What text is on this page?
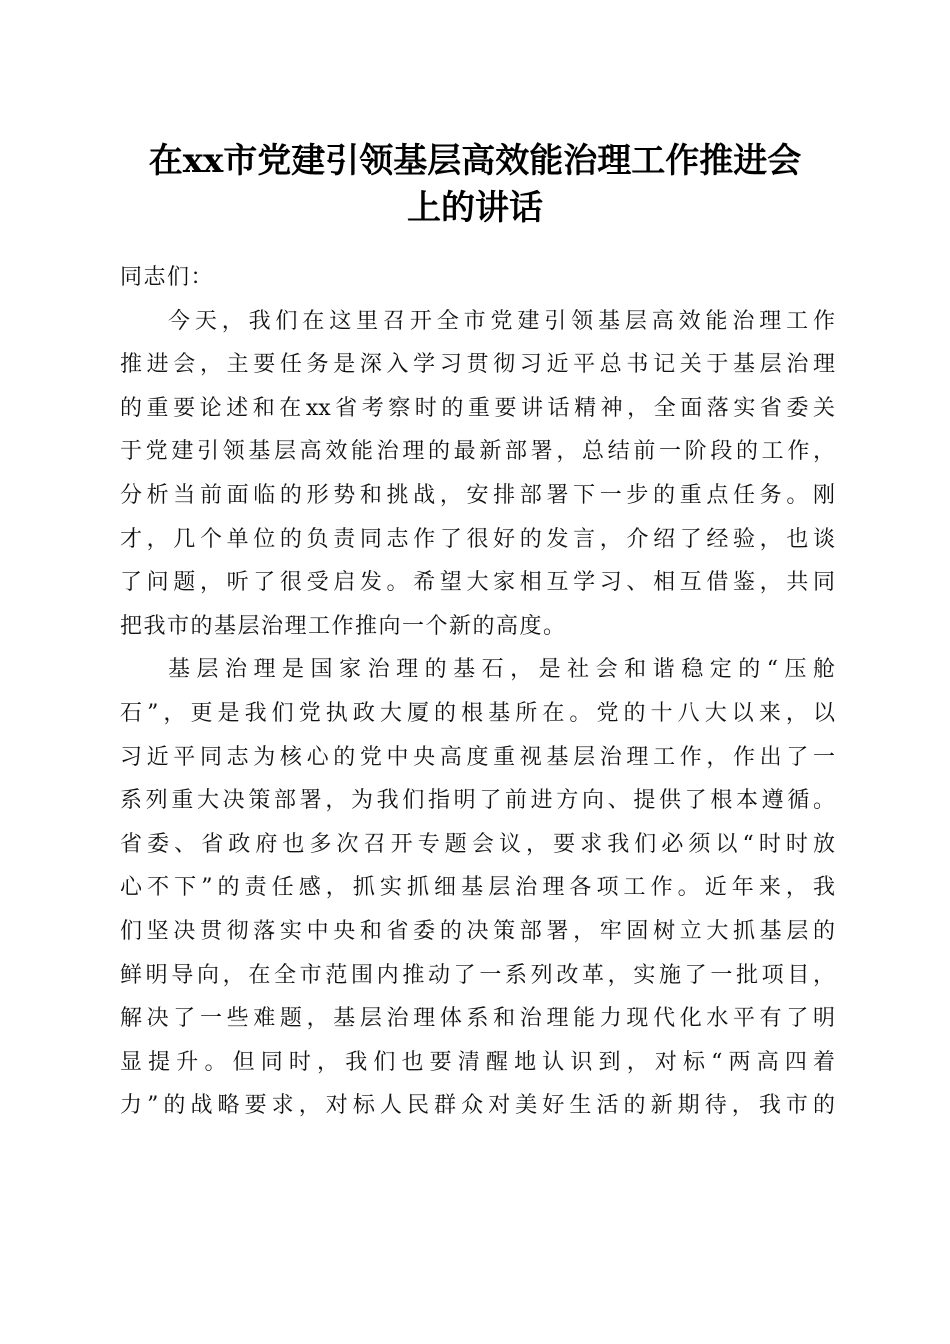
在xx市党建引领基层高效能治理工作推进会
上的讲话
同志们：
今天，我们在这里召开全市党建引领基层高效能治理工作
推进会，主要任务是深入学习贯彻习近平总书记关于基层治理
的重要论述和在xx省考察时的重要讲话精神，全面落实省委关
于党建引领基层高效能治理的最新部署，总结前一阶段的工作，
分析当前面临的形势和挑战，安排部署下一步的重点任务。刚
才，几个单位的负责同志作了很好的发言，介绍了经验，也谈
了问题，听了很受启发。希望大家相互学习、相互借鉴，共同
把我市的基层治理工作推向一个新的高度。
基层治理是国家治理的基石，是社会和谐稳定的“压舱
石”，更是我们党执政大厦的根基所在。党的十八大以来，以
习近平同志为核心的党中央高度重视基层治理工作，作出了一
系列重大决策部署，为我们指明了前进方向、提供了根本遵循。
省委、省政府也多次召开专题会议，要求我们必须以“时时放
心不下”的责任感，抓实抓细基层治理各项工作。近年来，我
们坚决贯彻落实中央和省委的决策部署，牢固树立大抓基层的
鲜明导向，在全市范围内推动了一系列改革，实施了一批项目，
解决了一些难题，基层治理体系和治理能力现代化水平有了明
显提升。但同时，我们也要清醒地认识到，对标“两高四着
力”的战略要求，对标人民群众对美好生活的新期待，我市的
